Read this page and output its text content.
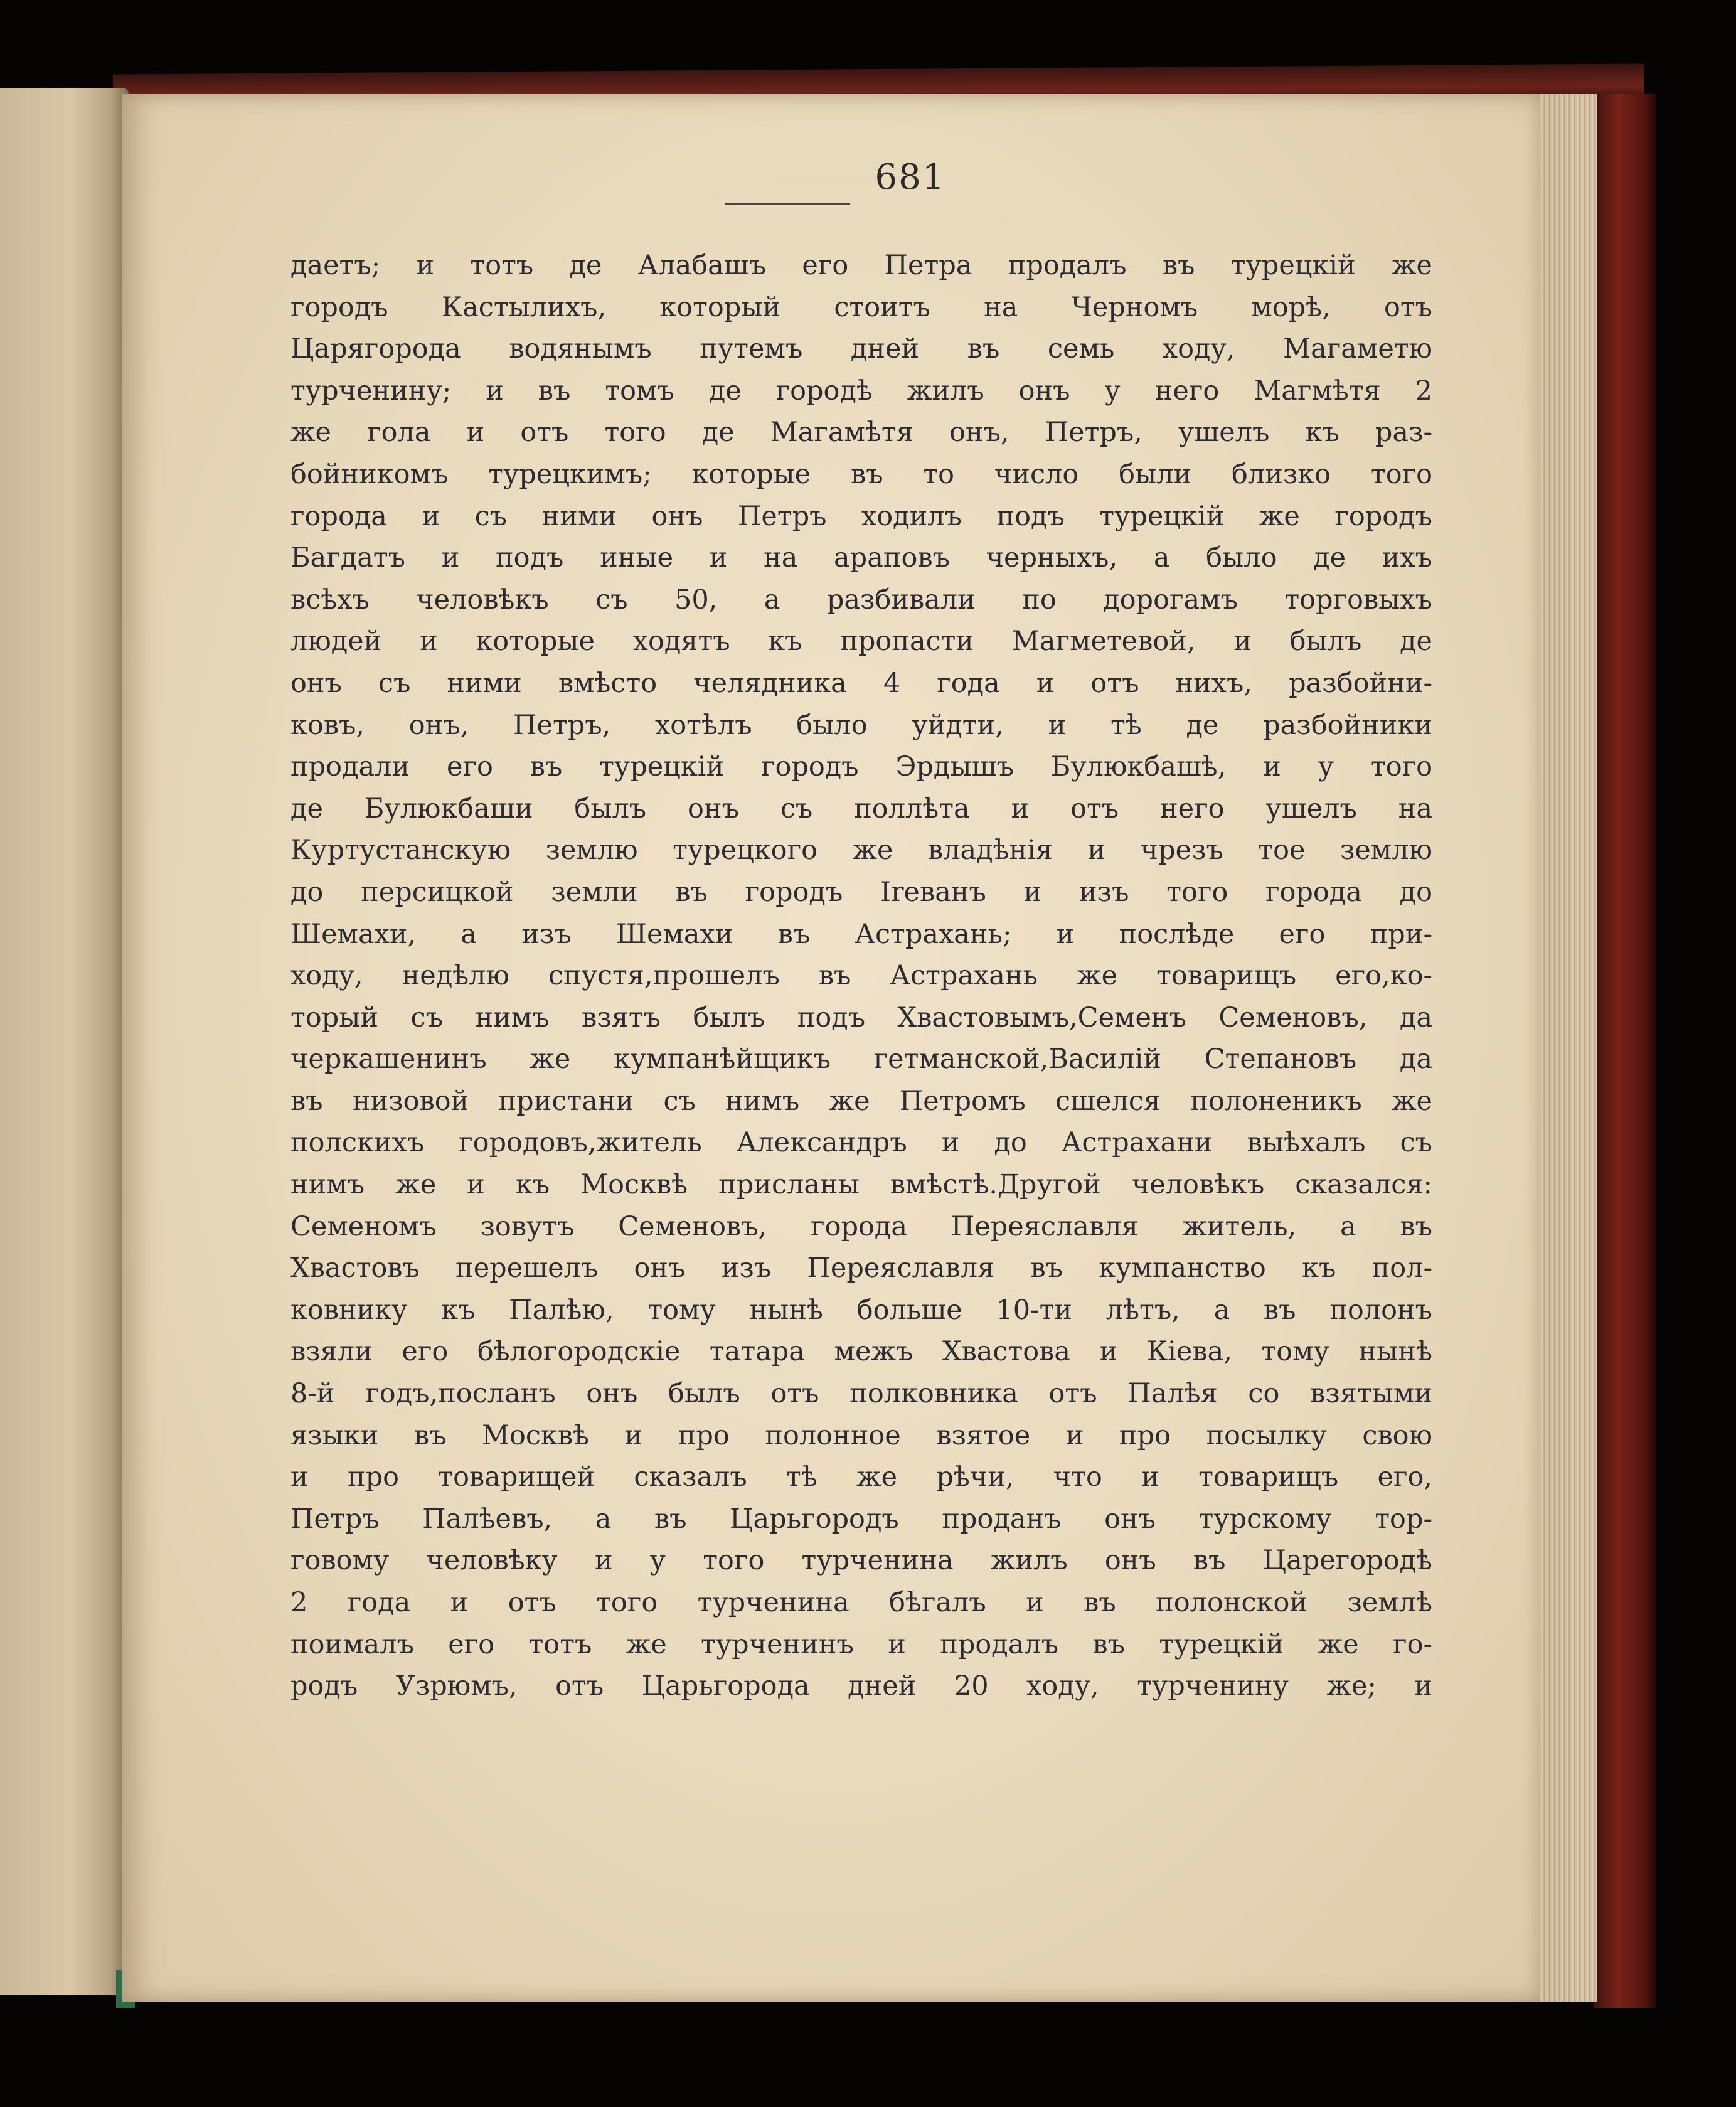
681
даетъ; и тотъ де Алабашъ его Петра продалъ въ турецкій же
городъ Кастылихъ, который стоитъ на Черномъ морѣ, отъ
Царягорода водянымъ путемъ дней въ семь ходу, Магаметю
турченину; и въ томъ де городѣ жилъ онъ у него Магмѣтя 2
же гола и отъ того де Магамѣтя онъ, Петръ, ушелъ къ раз-
бойникомъ турецкимъ; которые въ то число были близко того
города и съ ними онъ Петръ ходилъ подъ турецкій же городъ
Багдатъ и подъ иные и на араповъ черныхъ, а было де ихъ
всѣхъ человѣкъ съ 50, а разбивали по дорогамъ торговыхъ
людей и которые ходятъ къ пропасти Магметевой, и былъ де
онъ съ ними вмѣсто челядника 4 года и отъ нихъ, разбойни-
ковъ, онъ, Петръ, хотѣлъ было уйдти, и тѣ де разбойники
продали его въ турецкій городъ Эрдышъ Булюкбашѣ, и у того
де Булюкбаши былъ онъ съ поллѣта и отъ него ушелъ на
Куртустанскую землю турецкого же владѣнія и чрезъ тое землю
до персицкой земли въ городъ Ireванъ и изъ того города до
Шемахи, а изъ Шемахи въ Астрахань; и послѣде его при-
ходу, недѣлю спустя,прошелъ въ Астрахань же товарищъ его,ко-
торый съ нимъ взятъ былъ подъ Хвастовымъ,Семенъ Семеновъ, да
черкашенинъ же кумпанѣйщикъ гетманской,Василій Степановъ да
въ низовой пристани съ нимъ же Петромъ сшелся полоненикъ же
полскихъ городовъ,житель Александръ и до Астрахани выѣхалъ съ
нимъ же и къ Москвѣ присланы вмѣстѣ.Другой человѣкъ сказался:
Семеномъ зовутъ Семеновъ, города Переяславля житель, а въ
Хвастовъ перешелъ онъ изъ Переяславля въ кумпанство къ пол-
ковнику къ Палѣю, тому нынѣ больше 10-ти лѣтъ, а въ полонъ
взяли его бѣлогородскіе татара межъ Хвастова и Кіева, тому нынѣ
8-й годъ,посланъ онъ былъ отъ полковника отъ Палѣя со взятыми
языки въ Москвѣ и про полонное взятое и про посылку свою
и про товарищей сказалъ тѣ же рѣчи, что и товарищъ его,
Петръ Палѣевъ, а въ Царьгородъ проданъ онъ турскому тор-
говому человѣку и у того турченина жилъ онъ въ Царегородѣ
2 года и отъ того турченина бѣгалъ и въ полонской землѣ
поималъ его тотъ же турченинъ и продалъ въ турецкій же го-
родъ Узрюмъ, отъ Царьгорода дней 20 ходу, турченину же; и
